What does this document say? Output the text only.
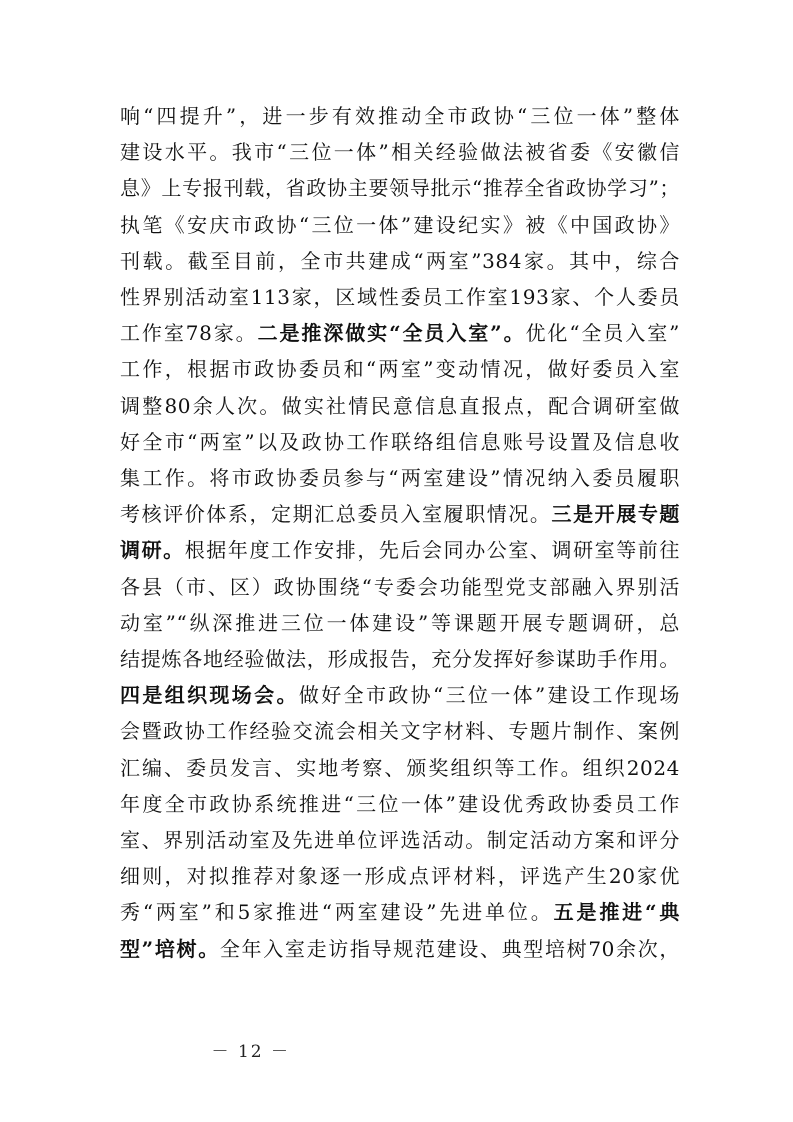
响“四提升”，进一步有效推动全市政协“三位一体”整体
建设水平。我市“三位一体”相关经验做法被省委《安徽信
息》上专报刊载，省政协主要领导批示“推荐全省政协学习”；
执笔《安庆市政协“三位一体”建设纪实》被《中国政协》
刊载。截至目前，全市共建成“两室”384家。其中，综合
性界别活动室113家，区域性委员工作室193家、个人委员
工作室78家。二是推深做实“全员入室”。优化“全员入室”
工作，根据市政协委员和“两室”变动情况，做好委员入室
调整80余人次。做实社情民意信息直报点，配合调研室做
好全市“两室”以及政协工作联络组信息账号设置及信息收
集工作。将市政协委员参与“两室建设”情况纳入委员履职
考核评价体系，定期汇总委员入室履职情况。三是开展专题
调研。根据年度工作安排，先后会同办公室、调研室等前往
各县（市、区）政协围绕“专委会功能型党支部融入界别活
动室”“纵深推进三位一体建设”等课题开展专题调研，总
结提炼各地经验做法，形成报告，充分发挥好参谋助手作用。
四是组织现场会。做好全市政协“三位一体”建设工作现场
会暨政协工作经验交流会相关文字材料、专题片制作、案例
汇编、委员发言、实地考察、颁奖组织等工作。组织2024
年度全市政协系统推进“三位一体”建设优秀政协委员工作
室、界别活动室及先进单位评选活动。制定活动方案和评分
细则，对拟推荐对象逐一形成点评材料，评选产生20家优
秀“两室”和5家推进“两室建设”先进单位。五是推进“典
型”培树。全年入室走访指导规范建设、典型培树70余次，
－ 12 －
